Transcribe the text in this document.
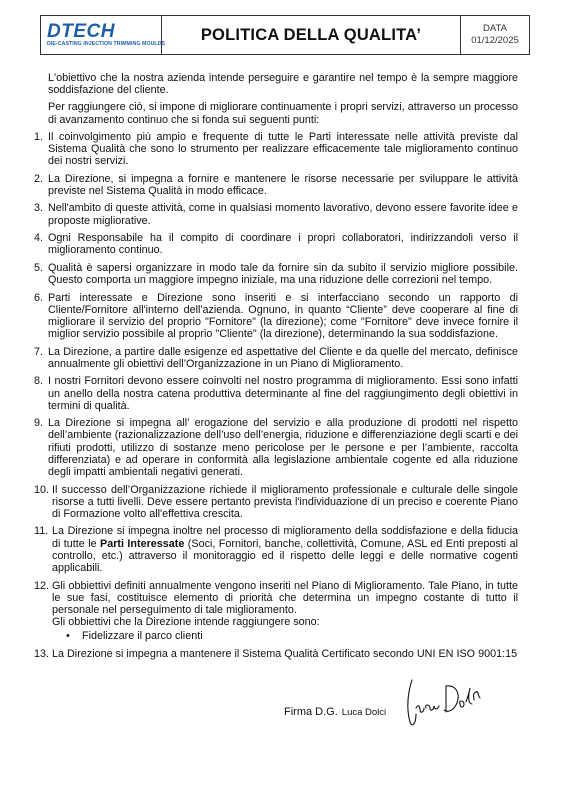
DTECH
DIE-CASTING INJECTION TRIMMING MOULDS	POLITICA DELLA QUALITA’	DATA
01/12/2025

L'obiettivo che la nostra azienda intende perseguire e garantire nel tempo è la sempre maggiore soddisfazione del cliente.

Per raggiungere ciò, si impone di migliorare continuamente i propri servizi, attraverso un processo di avanzamento continuo che si fonda sui seguenti punti:

1. Il coinvolgimento più ampio e frequente di tutte le Parti interessate nelle attività previste dal Sistema Qualità che sono lo strumento per realizzare efficacemente tale miglioramento continuo dei nostri servizi.
2. La Direzione, si impegna a fornire e mantenere le risorse necessarie per sviluppare le attività previste nel Sistema Qualità in modo efficace.
3. Nell'ambito di queste attività, come in qualsiasi momento lavorativo, devono essere favorite idee e proposte migliorative.
4. Ogni Responsabile ha il compito di coordinare i propri collaboratori, indirizzandoli verso il miglioramento continuo.
5. Qualità è sapersi organizzare in modo tale da fornire sin da subito il servizio migliore possibile. Questo comporta un maggiore impegno iniziale, ma una riduzione delle correzioni nel tempo.
6. Parti interessate e Direzione sono inseriti e si interfacciano secondo un rapporto di Cliente/Fornitore all'interno dell'azienda. Ognuno, in quanto “Cliente” deve cooperare al fine di migliorare il servizio del proprio "Fornitore" (la direzione); come "Fornitore" deve invece fornire il miglior servizio possibile al proprio "Cliente" (la direzione), determinando la sua soddisfazione.
7. La Direzione, a partire dalle esigenze ed aspettative del Cliente e da quelle del mercato, definisce annualmente gli obiettivi dell’Organizzazione in un Piano di Miglioramento.
8. I nostri Fornitori devono essere coinvolti nel nostro programma di miglioramento. Essi sono infatti un anello della nostra catena produttiva determinante al fine del raggiungimento degli obiettivi in termini di qualità.
9. La Direzione si impegna all’ erogazione del servizio e alla produzione di prodotti nel rispetto dell’ambiente (razionalizzazione dell’uso dell’energia, riduzione e differenziazione degli scarti e dei rifiuti prodotti, utilizzo di sostanze meno pericolose per le persone e per l’ambiente, raccolta differenziata) e ad operare in conformità alla legislazione ambientale cogente ed alla riduzione degli impatti ambientali negativi generati.
10. Il successo dell’Organizzazione richiede il miglioramento professionale e culturale delle singole risorse a tutti livelli. Deve essere pertanto prevista l'individuazione di un preciso e coerente Piano di Formazione volto all'effettiva crescita.
11. La Direzione si impegna inoltre nel processo di miglioramento della soddisfazione e della fiducia di tutte le Parti Interessate (Soci, Fornitori, banche, collettività, Comune, ASL ed Enti preposti al controllo, etc.) attraverso il monitoraggio ed il rispetto delle leggi e delle normative cogenti applicabili.
12. Gli obbiettivi definiti annualmente vengono inseriti nel Piano di Miglioramento. Tale Piano, in tutte le sue fasi, costituisce elemento di priorità che determina un impegno costante di tutto il personale nel perseguimento di tale miglioramento.

Gli obbiettivi che la Direzione intende raggiungere sono:

• Fidelizzare il parco clienti
13. La Direzione si impegna a mantenere il Sistema Qualità Certificato secondo UNI EN ISO 9001:15
Firma D.G. Luca Dolci
